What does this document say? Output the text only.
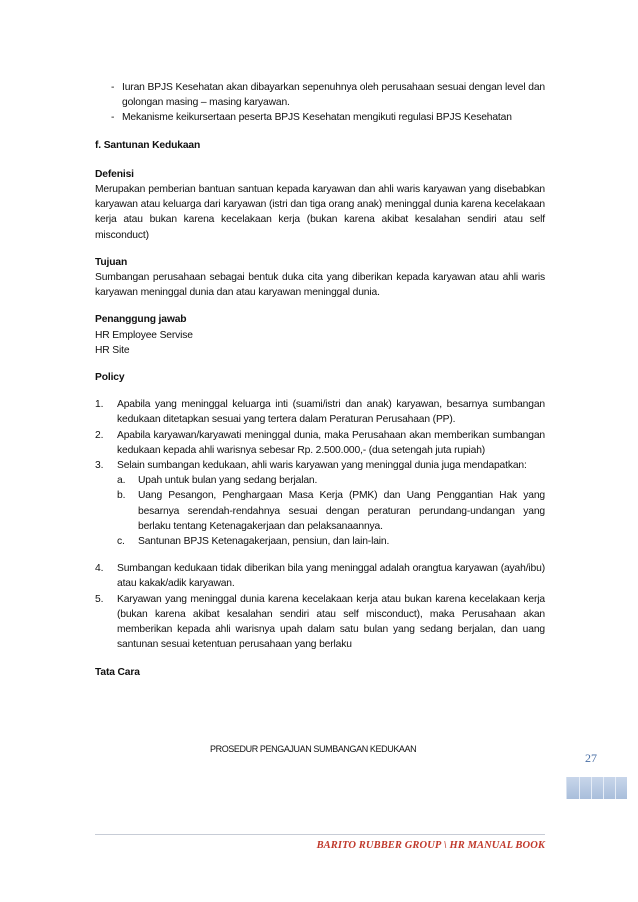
- Iuran BPJS Kesehatan akan dibayarkan sepenuhnya oleh perusahaan sesuai dengan level dan golongan masing – masing karyawan.
- Mekanisme keikursertaan peserta BPJS Kesehatan mengikuti regulasi BPJS Kesehatan

f. Santunan Kedukaan

Defenisi

Merupakan pemberian bantuan santuan kepada karyawan dan ahli waris karyawan yang disebabkan karyawan atau keluarga dari karyawan (istri dan tiga orang anak) meninggal dunia karena kecelakaan kerja atau bukan karena kecelakaan kerja (bukan karena akibat kesalahan sendiri atau self misconduct)

Tujuan

Sumbangan perusahaan sebagai bentuk duka cita yang diberikan kepada karyawan atau ahli waris karyawan meninggal dunia dan atau karyawan meninggal dunia.

Penanggung jawab

HR Employee Servise

HR Site

Policy

1. Apabila yang meninggal keluarga inti (suami/istri dan anak) karyawan, besarnya sumbangan kedukaan ditetapkan sesuai yang tertera dalam Peraturan Perusahaan (PP).
2. Apabila karyawan/karyawati meninggal dunia, maka Perusahaan akan memberikan sumbangan kedukaan kepada ahli warisnya sebesar Rp. 2.500.000,- (dua setengah juta rupiah)
3. Selain sumbangan kedukaan, ahli waris karyawan yang meninggal dunia juga mendapatkan:
a. Upah untuk bulan yang sedang berjalan.
b. Uang Pesangon, Penghargaan Masa Kerja (PMK) dan Uang Penggantian Hak yang besarnya serendah-rendahnya sesuai dengan peraturan perundang-undangan yang berlaku tentang Ketenagakerjaan dan pelaksanaannya.
c. Santunan BPJS Ketenagakerjaan, pensiun, dan lain-lain.
4. Sumbangan kedukaan tidak diberikan bila yang meninggal adalah orangtua karyawan (ayah/ibu) atau kakak/adik karyawan.
5. Karyawan yang meninggal dunia karena kecelakaan kerja atau bukan karena kecelakaan kerja (bukan karena akibat kesalahan sendiri atau self misconduct), maka Perusahaan akan memberikan kepada ahli warisnya upah dalam satu bulan yang sedang berjalan, dan uang santunan sesuai ketentuan perusahaan yang berlaku

Tata Cara

PROSEDUR PENGAJUAN SUMBANGAN KEDUKAAN
27
BARITO RUBBER GROUP \ HR MANUAL BOOK
